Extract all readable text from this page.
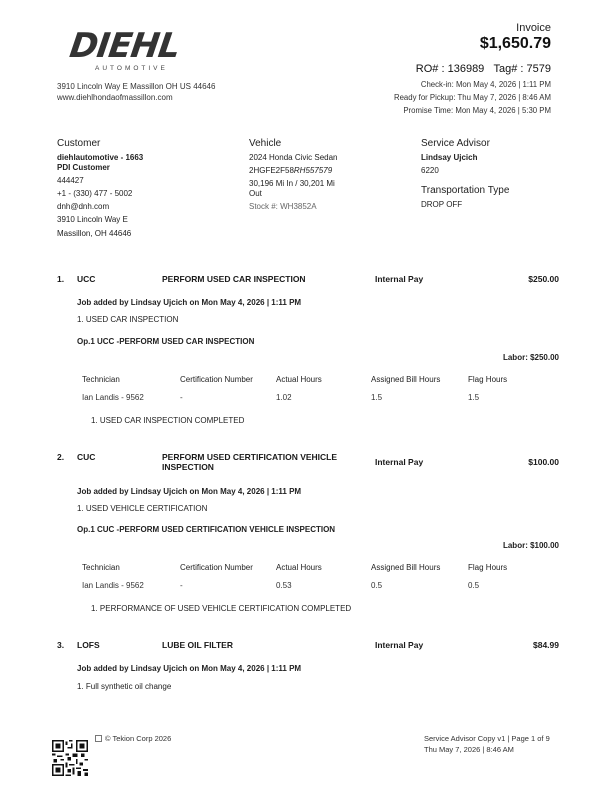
DIEHL
AUTOMOTIVE
3910 Lincoln Way E Massillon OH US 44646
www.diehlhondaofmassillon.com
Invoice
$1,650.79
RO# : 136989 Tag# : 7579
Check-in: Mon May 4, 2026 | 1:11 PM
Ready for Pickup: Thu May 7, 2026 | 8:46 AM
Promise Time: Mon May 4, 2026 | 5:30 PM
Customer
diehlautomotive - 1663
PDI Customer
444427
+1 - (330) 477 - 5002
dnh@dnh.com
3910 Lincoln Way E
Massillon, OH 44646
Vehicle
2024 Honda Civic Sedan
2HGFE2F58RH557579
30,196 Mi In / 30,201 Mi
Out
Stock #: WH3852A
Service Advisor
Lindsay Ujcich
6220
Transportation Type
DROP OFF
1. UCC	PERFORM USED CAR INSPECTION	Internal Pay	$250.00
Job added by Lindsay Ujcich on Mon May 4, 2026 | 1:11 PM
1. USED CAR INSPECTION
Op.1 UCC -PERFORM USED CAR INSPECTION
Labor: $250.00
Technician	Certification Number	Actual Hours	Assigned Bill Hours	Flag Hours
Ian Landis - 9562	-	1.02	1.5	1.5
1. USED CAR INSPECTION COMPLETED
2. CUC	PERFORM USED CERTIFICATION VEHICLE
INSPECTION	Internal Pay	$100.00
Job added by Lindsay Ujcich on Mon May 4, 2026 | 1:11 PM
1. USED VEHICLE CERTIFICATION
Op.1 CUC -PERFORM USED CERTIFICATION VEHICLE INSPECTION
Labor: $100.00
Technician	Certification Number	Actual Hours	Assigned Bill Hours	Flag Hours
Ian Landis - 9562	-	0.53	0.5	0.5
1. PERFORMANCE OF USED VEHICLE CERTIFICATION COMPLETED
3. LOFS	LUBE OIL FILTER	Internal Pay	$84.99
Job added by Lindsay Ujcich on Mon May 4, 2026 | 1:11 PM
1. Full synthetic oil change
© Tekion Corp 2026	Service Advisor Copy v1 | Page 1 of 9
Thu May 7, 2026 | 8:46 AM
